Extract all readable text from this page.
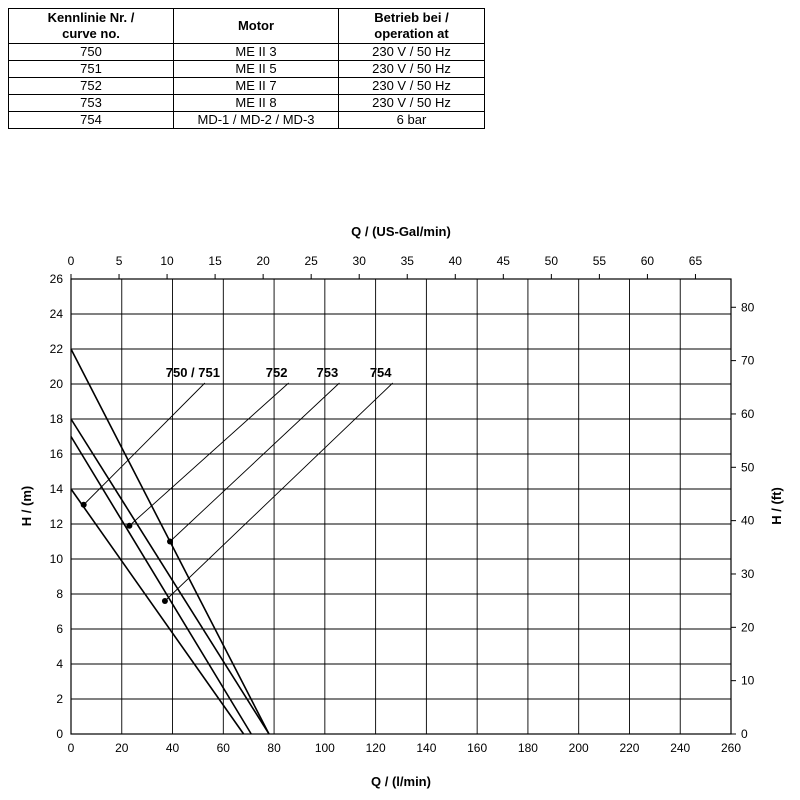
Kennlinie Nr. /
curve no.	Motor	Betrieb bei /
operation at

750	ME II 3	230 V / 50 Hz
751	ME II 5	230 V / 50 Hz
752	ME II 7	230 V / 50 Hz
753	ME II 8	230 V / 50 Hz
754	MD-1 / MD-2 / MD-3	6 bar
750 / 751	752 753 754
0	20	40	60	80	100	120	140	160	180	200	220	240	260
0	5	10	15	20	25	30	35	40	45	50	55	60	65
0
2
4
6
8
10
12
14
16
18
20
22
24
26
0
10
20
30
40
50
60
70
80
Q / (l/min)
Q / (US-Gal/min)
H / (m)	H / (ft)
